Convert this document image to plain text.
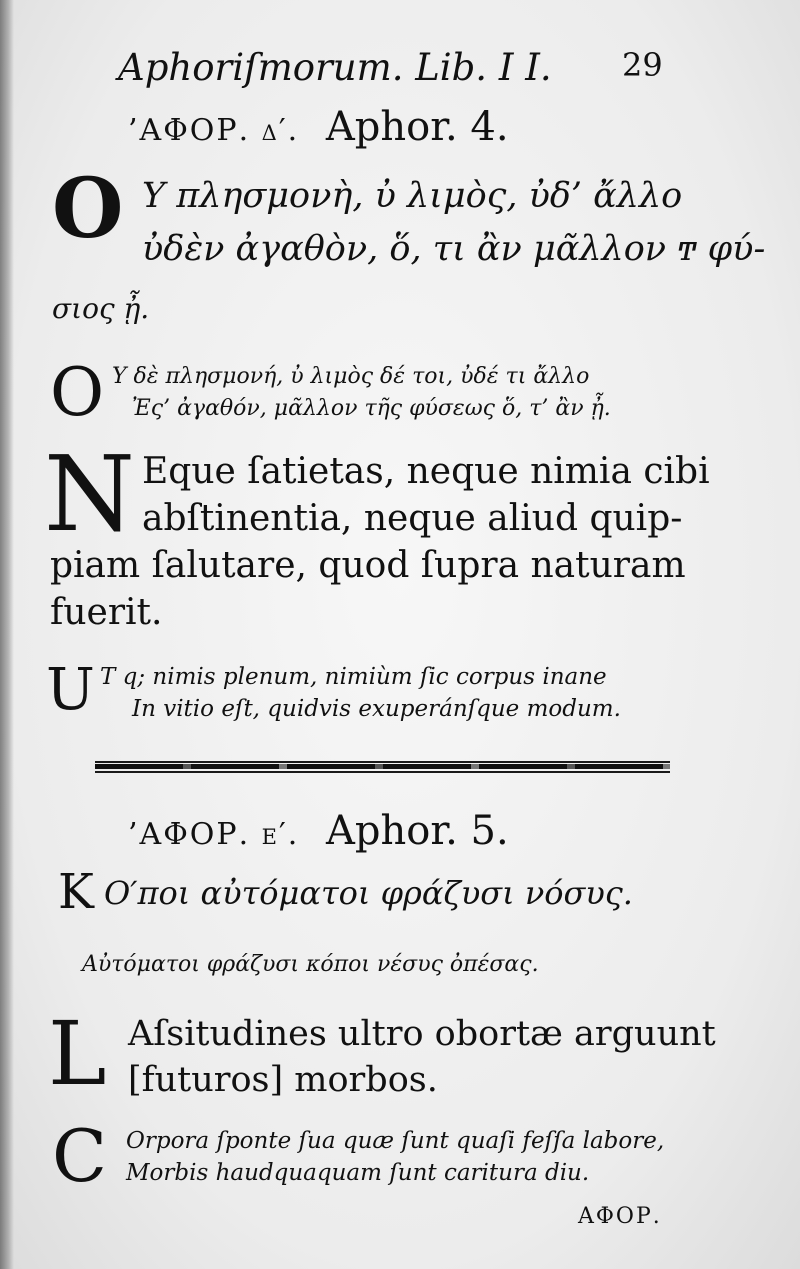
Aphoriſmorum. Lib. I I. 29
’ΑΦΟΡ. δ′. Aphor. 4.
O Υ πλησμονὴ, ὐ λιμὸς, ὐδ’ ἄλλο
ὐδὲν ἀγαθὸν, ὅ, τι ἂν μᾶλλον ͳ φύ-
σιος ᾖ.
O Υ δὲ πλησμονή, ὐ λιμὸς δέ τοι, ὐδέ τι ἄλλο
Ἐς’ ἀγαθόν, μᾶλλον τῆς φύσεως ὅ, τ’ ἂν ᾖ.
N Eque ſatietas, neque nimia cibi
abſtinentia, neque aliud quip-
piam ſalutare, quod ſupra naturam
fuerit.
U T q; nimis plenum, nimiùm ſic corpus inane
In vitio eſt, quidvis exuperánſque modum.
’ΑΦΟΡ. ε′. Aphor. 5.
K Ο′ποι αὐτόματοι φράζυσι νόσυς.
Αὐτόματοι φράζυσι κόποι νέσυς ὀπέσας.
L Aſsitudines ultro obortæ arguunt
[futuros] morbos.
C Orpora ſponte ſua quæ ſunt quaſi feſſa labore,
Morbis haudquaquam ſunt caritura diu.
ΑΦΟΡ.
